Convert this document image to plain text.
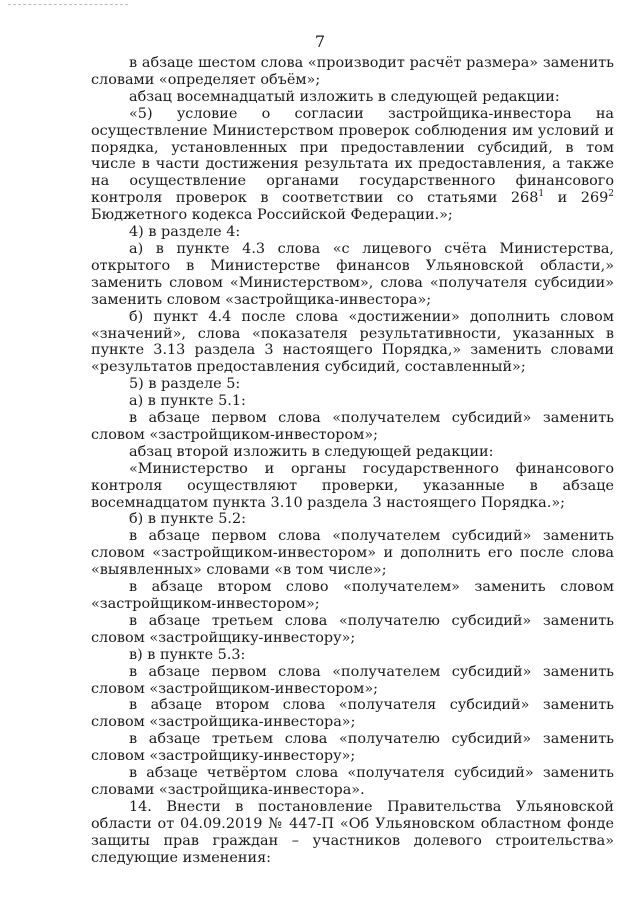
7

в абзаце шестом слова «производит расчёт размера» заменить словами «определяет объём»;

абзац восемнадцатый изложить в следующей редакции:

«5) условие о согласии застройщика-инвестора на осуществление Министерством проверок соблюдения им условий и порядка, установленных при предоставлении субсидий, в том числе в части достижения результата их предоставления, а также на осуществление органами государственного финансового контроля проверок в соответствии со статьями $268^1$ и $269^2$ Бюджетного кодекса Российской Федерации.»;

4) в разделе 4:

а) в пункте 4.3 слова «с лицевого счёта Министерства, открытого в Министерстве финансов Ульяновской области,» заменить словом «Министерством», слова «получателя субсидии» заменить словом «застройщика-инвестора»;

б) пункт 4.4 после слова «достижении» дополнить словом «значений», слова «показателя результативности, указанных в пункте 3.13 раздела 3 настоящего Порядка,» заменить словами «результатов предоставления субсидий, составленный»;

5) в разделе 5:

а) в пункте 5.1:

в абзаце первом слова «получателем субсидий» заменить словом «застройщиком-инвестором»;

абзац второй изложить в следующей редакции:

«Министерство и органы государственного финансового контроля осуществляют проверки, указанные в абзаце восемнадцатом пункта 3.10 раздела 3 настоящего Порядка.»;

б) в пункте 5.2:

в абзаце первом слова «получателем субсидий» заменить словом «застройщиком-инвестором» и дополнить его после слова «выявленных» словами «в том числе»;

в абзаце втором слово «получателем» заменить словом «застройщиком-инвестором»;

в абзаце третьем слова «получателю субсидий» заменить словом «застройщику-инвестору»;

в) в пункте 5.3:

в абзаце первом слова «получателем субсидий» заменить словом «застройщиком-инвестором»;

в абзаце втором слова «получателя субсидий» заменить словом «застройщика-инвестора»;

в абзаце третьем слова «получателю субсидий» заменить словом «застройщику-инвестору»;

в абзаце четвёртом слова «получателя субсидий» заменить словами «застройщика-инвестора».

14. Внести в постановление Правительства Ульяновской области от 04.09.2019 № 447-П «Об Ульяновском областном фонде защиты прав граждан – участников долевого строительства» следующие изменения:
